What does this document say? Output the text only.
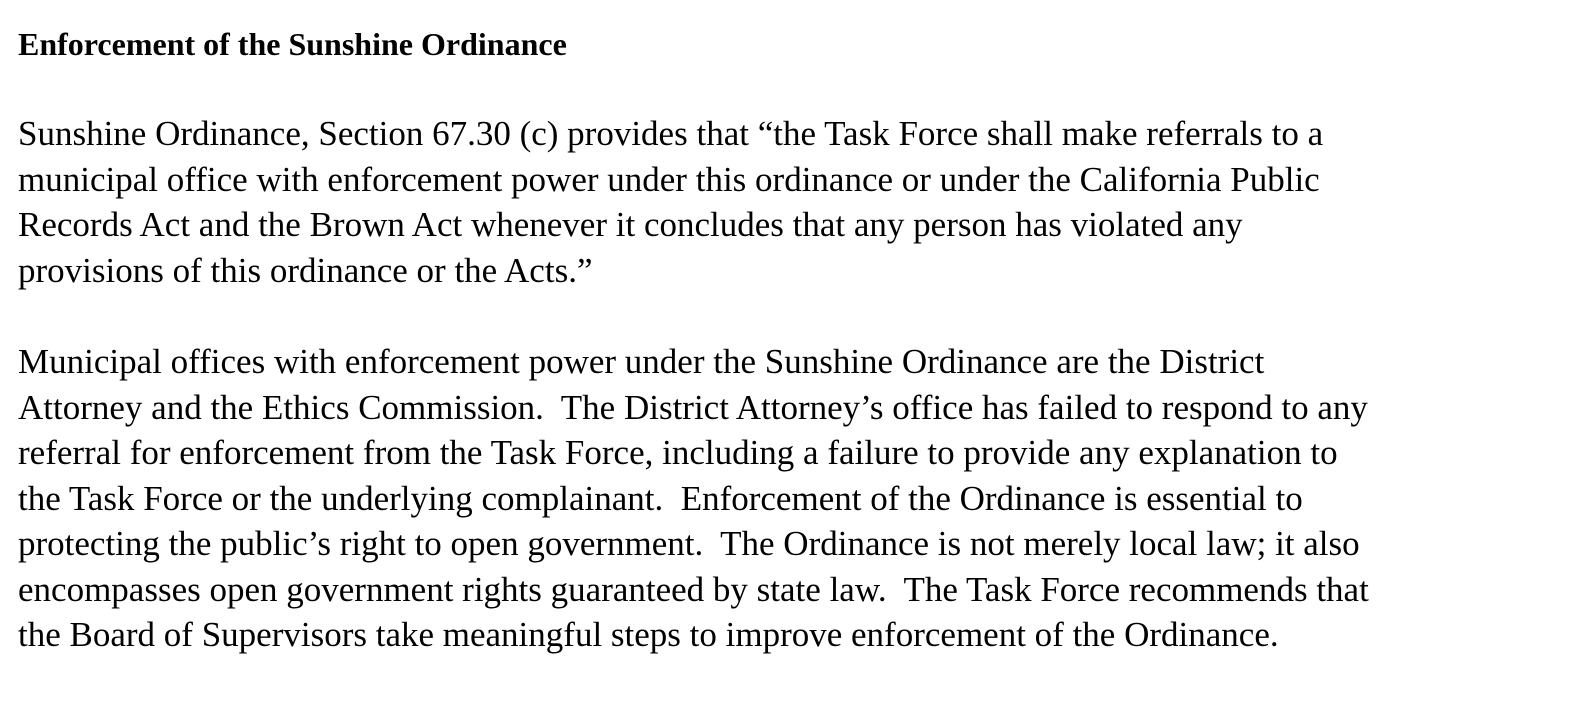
Enforcement of the Sunshine Ordinance
Sunshine Ordinance, Section 67.30 (c) provides that “the Task Force shall make referrals to a
municipal office with enforcement power under this ordinance or under the California Public
Records Act and the Brown Act whenever it concludes that any person has violated any
provisions of this ordinance or the Acts.”
Municipal offices with enforcement power under the Sunshine Ordinance are the District
Attorney and the Ethics Commission.  The District Attorney’s office has failed to respond to any
referral for enforcement from the Task Force, including a failure to provide any explanation to
the Task Force or the underlying complainant.  Enforcement of the Ordinance is essential to
protecting the public’s right to open government.  The Ordinance is not merely local law; it also
encompasses open government rights guaranteed by state law.  The Task Force recommends that
the Board of Supervisors take meaningful steps to improve enforcement of the Ordinance.
